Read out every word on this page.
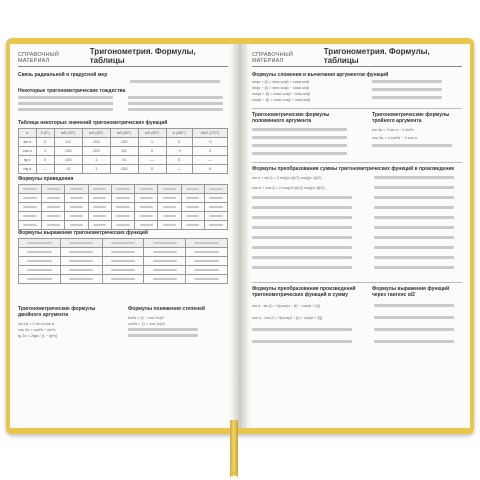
СПРАВОЧНЫЙ МАТЕРИАЛ
Тригонометрия. Формулы, таблицы
Связь радиальной и градусной мер
Некоторые тригонометрические тождества
Таблица некоторых значений тригонометрических функций
α	0 (0°)	π/6 (30°)	π/4 (45°)	π/3 (60°)	π/2 (90°)	π (180°)	3π/2 (270°)
sin α	0	1/2	√2/2	√3/2	1	0	−1
cos α	1	√3/2	√2/2	1/2	0	−1	0
tg α	0	√3/3	1	√3	—	0	—
ctg α	—	√3	1	√3/3	0	—	0
Формулы приведения

Формулы выражения тригонометрических функций

Тригонометрические формулы двойного аргумента
Формулы понижения степеней
sin 2α = 2 sin α cos α
cos 2α = cos²α − sin²α
tg 2α = 2tgα / (1 − tg²α)
sin²α = (1 − cos 2α)/2
cos²α = (1 + cos 2α)/2
СПРАВОЧНЫЙ МАТЕРИАЛ
Тригонометрия. Формулы, таблицы
Формулы сложения и вычитания аргументов функций
sin(α + β) = sinα cosβ + cosα sinβ
sin(α − β) = sinα cosβ − cosα sinβ
cos(α + β) = cosα cosβ − sinα sinβ
cos(α − β) = cosα cosβ + sinα sinβ
Тригонометрические формулы половинного аргумента
Тригонометрические формулы тройного аргумента
sin 3α = 3 sin α − 4 sin³α
cos 3α = 4 cos³α − 3 cos α
Формулы преобразования суммы тригонометрических функций в произведение
sin α + sin β = 2 sin((α+β)/2) cos((α−β)/2)
cos α + cos β = 2 cos((α+β)/2) cos((α−β)/2)
Формулы преобразования произведений тригонометрических функций в сумму
Формулы выражения функций через тангенс α/2
sin α · sin β = ½(cos(α − β) − cos(α + β))
cos α · cos β = ½(cos(α − β) + cos(α + β))
